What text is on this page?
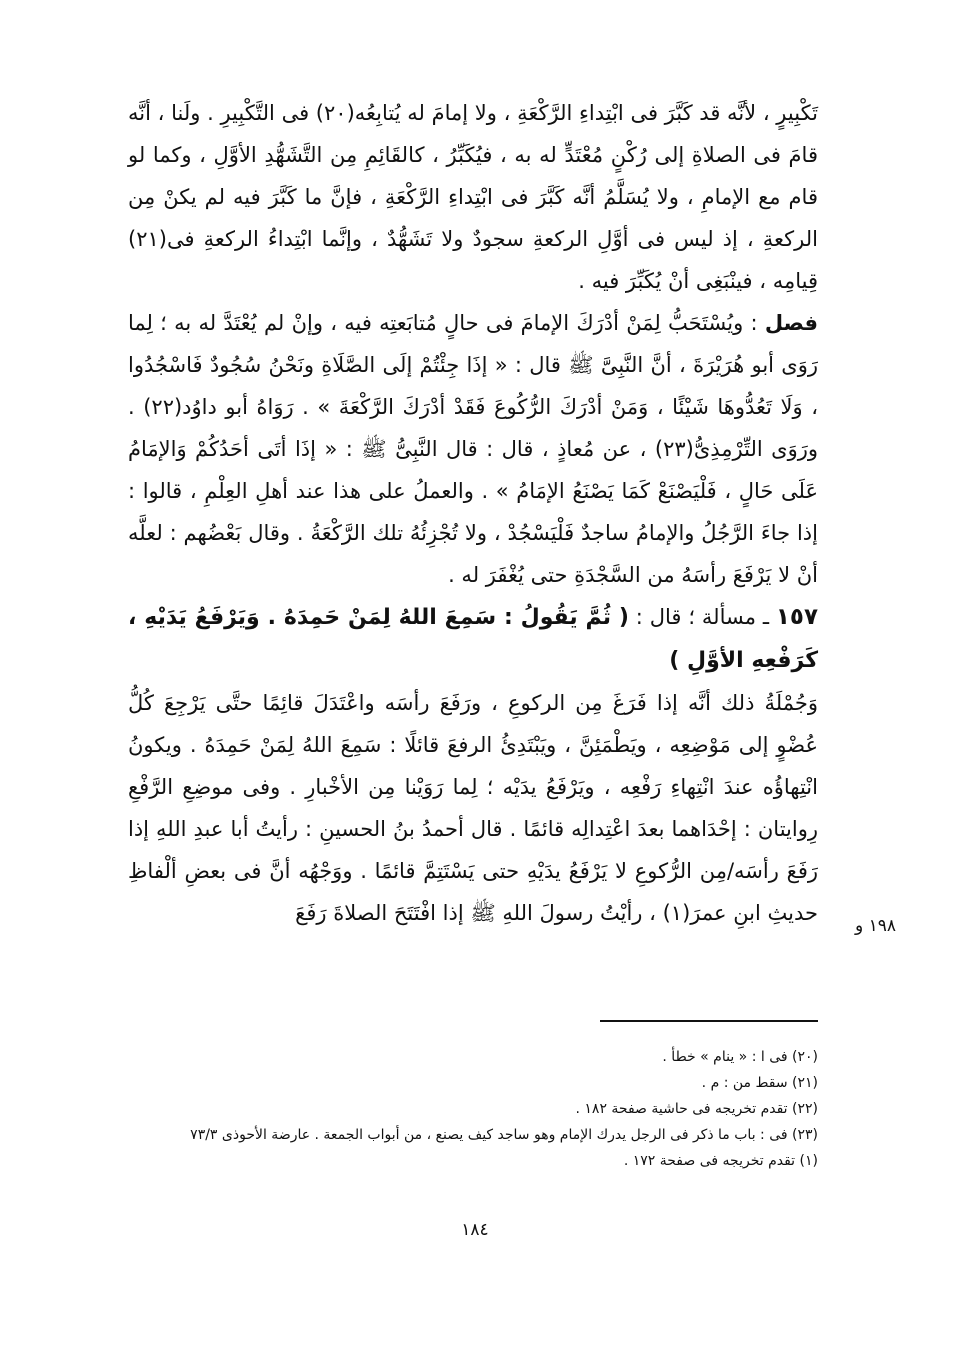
تَكْبِيرٍ ، لأنَّه قد كَبَّرَ فى ابْتِداءِ الرَّكْعَةِ ، ولا إمامَ له يُتابِعُه(٢٠) فى التَّكْبِيرِ . ولَنا ، أنَّه قامَ فى الصلاةِ إلى رُكْنٍ مُعْتَدٍّ له به ، فيُكَبِّرُ ، كالقَائِمِ مِن التَّشَهُّدِ الأوَّلِ ، وكما لو قام مع الإمامِ ، ولا يُسَلَّمُ أنَّه كَبَّرَ فى ابْتِداءِ الرَّكْعَةِ ، فإنَّ ما كَبَّرَ فيه لم يكنْ مِن الركعةِ ، إذ ليس فى أوَّلِ الركعةِ سجودٌ ولا تَشَهُّدٌ ، وإنَّما ابْتِداءُ الركعةِ فى(٢١) قِيامِه ، فينْبَغِى أنْ يُكَبِّرَ فيه .

فصل : ويُسْتَحَبُّ لِمَنْ أدْرَكَ الإمامَ فى حالٍ مُتابَعتِه فيه ، وإنْ لم يُعْتَدَّ له به ؛ لِما رَوَى أبو هُرَيْرَةَ ، أنَّ النَّبِىَّ ﷺ قال : « إذَا جِئْتُمْ إلَى الصَّلَاةِ ونَحْنُ سُجُودٌ فَاسْجُدُوا ، وَلَا تَعُدُّوهَا شَيْئًا ، وَمَنْ أدْرَكَ الرُّكُوعَ فَقَدْ أدْرَكَ الرَّكْعَةَ » . رَوَاهُ أبو داوُد(٢٢) . ورَوَى التِّرْمِذِىُّ(٢٣) ، عن مُعاذٍ ، قال : قال النَّبِىُّ ﷺ : « إذَا أتَى أحَدُكُمْ وَالإمَامُ عَلَى حَالٍ ، فَلْيَصْنَعْ كَمَا يَصْنَعُ الإمَامُ » . والعملُ على هذا عند أهلِ العِلْمِ ، قالوا : إذا جاءَ الرَّجُلُ والإمامُ ساجدٌ فَلْيَسْجُدْ ، ولا تُجْزِئُهُ تلك الرَّكْعَةُ . وقال بَعْضُهم : لعلَّه أنْ لا يَرْفَعَ رأسَهُ من السَّجْدَةِ حتى يُغْفَرَ له .

١٥٧ ـ مسألة ؛ قال : ( ثُمَّ يَقُولُ : سَمِعَ اللهُ لِمَنْ حَمِدَهُ . وَيَرْفَعُ يَدَيْهِ ، كَرَفْعِهِ الأوَّلِ )

وَجُمْلَةُ ذلك أنَّه إذا فَرَغَ مِن الركوعِ ، ورَفَعَ رأسَه واعْتَدَلَ قائِمًا حتَّى يَرْجِعَ كُلُّ عُضْوٍ إلى مَوْضِعِه ، ويَطْمَئِنَّ ، ويَبْتَدِئُ الرفعَ قائلًا : سَمِعَ اللهُ لِمَنْ حَمِدَهُ . ويكونُ انْتِهاؤُه عندَ انْتِهاءِ رَفْعِه ، ويَرْفَعُ يدَيْه ؛ لِما رَوَيْنا مِن الأخْبارِ . وفى موضِعِ الرَّفْعِ رِوايتان : إحْدَاهما بعدَ اعْتِدالِه قائمًا . قال أحمدُ بنُ الحسينِ : رأيتُ أبا عبدِ اللهِ إذا رَفَعَ رأسَه/مِن الرُّكوعِ لا يَرْفَعُ يدَيْهِ حتى يَسْتَتِمَّ قائمًا . ووَجْهُه أنَّ فى بعضِ ألْفاظِ حديثِ ابنِ عمرَ(١) ، رأيْتُ رسولَ اللهِ ﷺ إذا افْتَتَحَ الصلاةَ رَفَعَ

١٩٨ و
(٢٠) فى ا : « ينام » خطأ .
(٢١) سقط من : م .
(٢٢) تقدم تخريجه فى حاشية صفحة ١٨٢ .
(٢٣) فى : باب ما ذكر فى الرجل يدرك الإمام وهو ساجد كيف يصنع ، من أبواب الجمعة . عارضة الأحوذى ٧٣/٣
(١) تقدم تخريجه فى صفحة ١٧٢ .
١٨٤
